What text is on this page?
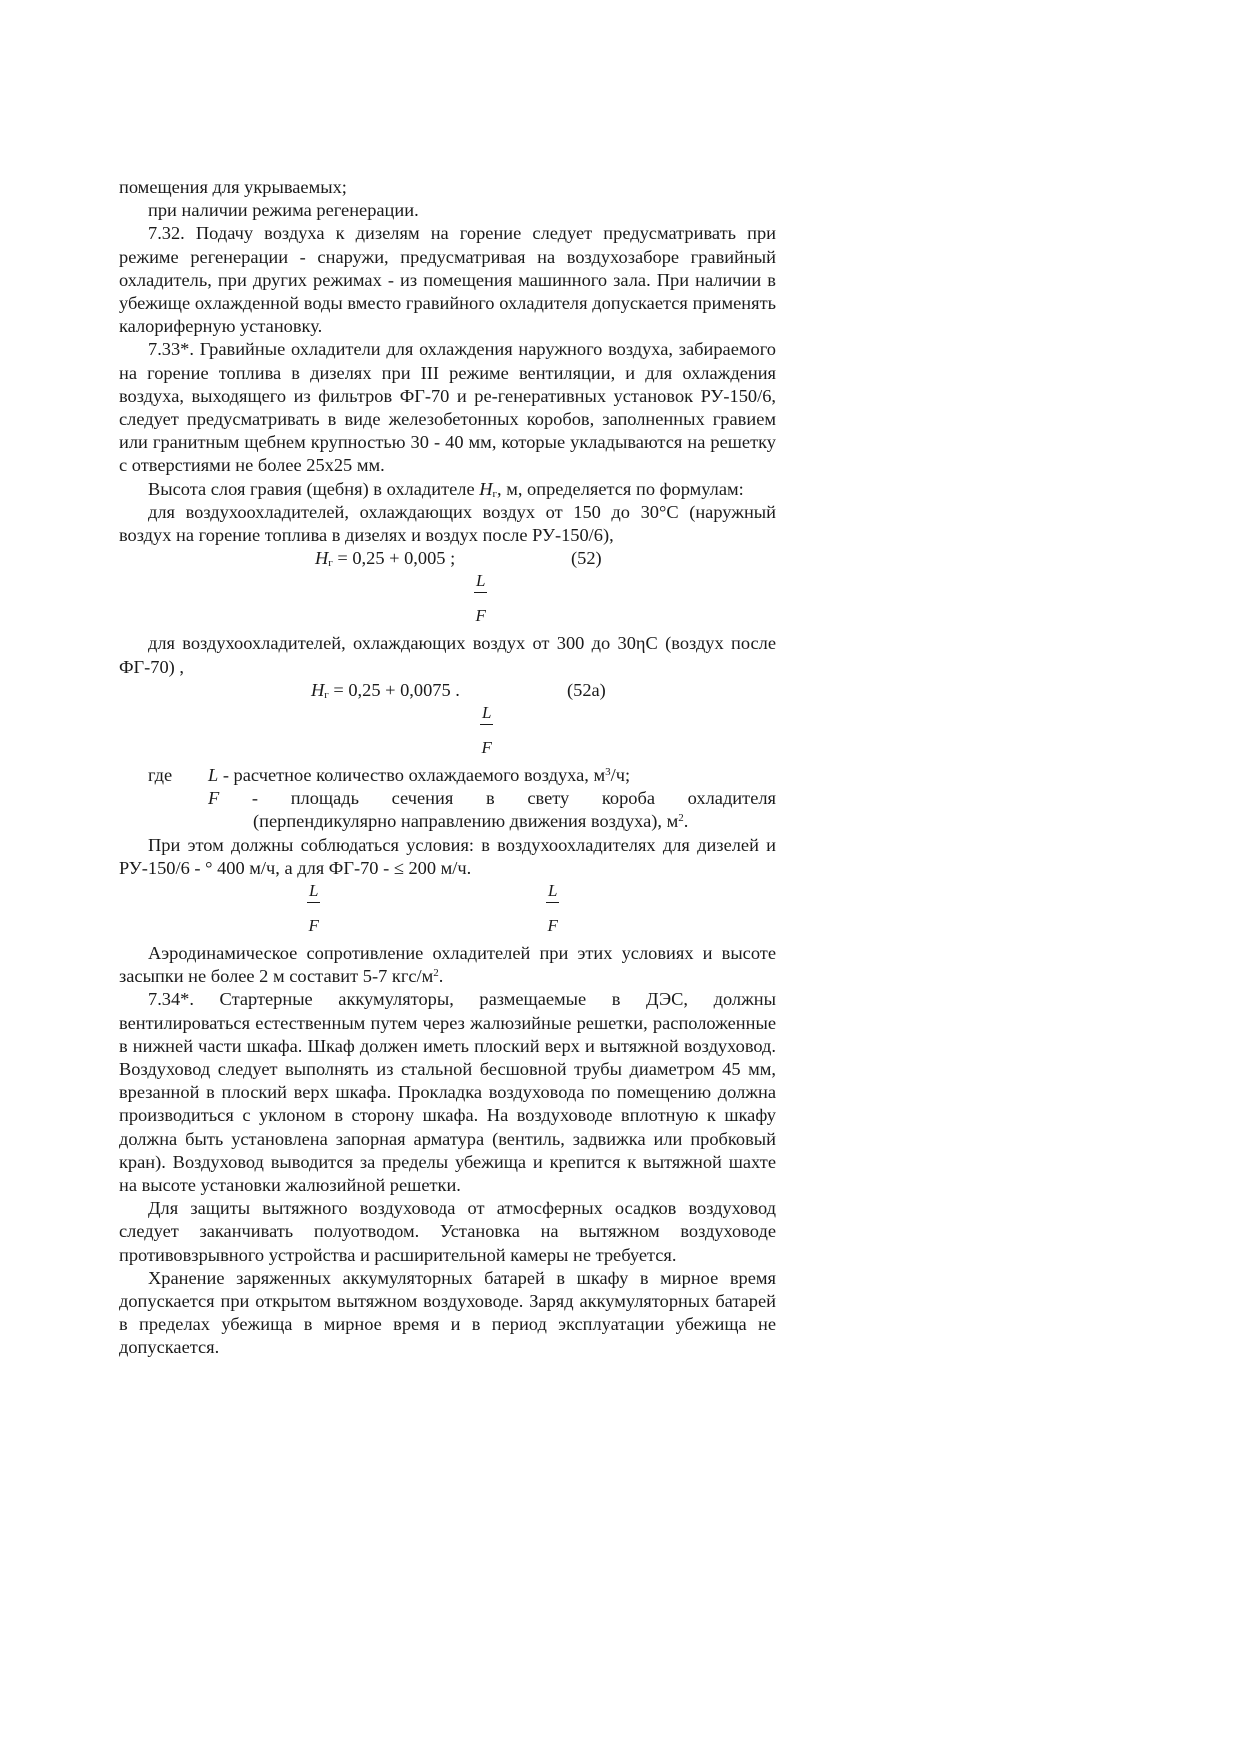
помещения для укрываемых;

при наличии режима регенерации.

7.32. Подачу воздуха к дизелям на горение следует предусматривать при режиме регенерации - снаружи, предусматривая на воздухозаборе гравийный охладитель, при других режимах - из помещения машинного зала. При наличии в убежище охлажденной воды вместо гравийного охладителя допускается применять калориферную установку.

7.33*. Гравийные охладители для охлаждения наружного воздуха, забираемого на горение топлива в дизелях при III режиме вентиляции, и для охлаждения воздуха, выходящего из фильтров ФГ-70 и ре-генеративных установок РУ-150/6, следует предусматривать в виде железобетонных коробов, заполненных гравием или гранитным щебнем крупностью 30 - 40 мм, которые укладываются на решетку с отверстиями не более 25х25 мм.

Высота слоя гравия (щебня) в охладителе $H_г$, м, определяется по формулам:

для воздухоохладителей, охлаждающих воздух от 150 до 30°С (наружный воздух на горение топлива в дизелях и воздух после РУ-150/6),

$H_г = 0,25 + 0,005$ ;	(52)
$\frac{L}{F}$

для воздухоохладителей, охлаждающих воздух от 300 до 30ηС (воздух после ФГ-70) ,

$H_г = 0,25 + 0,0075$ .	(52а)
$\frac{L}{F}$
где L - расчетное количество охлаждаемого воздуха, $м^3/ч$;

F - площадь сечения в свету короба охладителя

(перпендикулярно направлению движения воздуха), $м^2$.

При этом должны соблюдаться условия: в воздухоохладителях для дизелей и РУ-150/6 - ° 400 м/ч, а для ФГ-70 - ≤ 200 м/ч.

$\frac{L}{F}$	$\frac{L}{F}$

Аэродинамическое сопротивление охладителей при этих условиях и высоте засыпки не более 2 м составит 5-7 кгс/$м^2$.

7.34*. Стартерные аккумуляторы, размещаемые в ДЭС, должны вентилироваться естественным путем через жалюзийные решетки, расположенные в нижней части шкафа. Шкаф должен иметь плоский верх и вытяжной воздуховод. Воздуховод следует выполнять из стальной бесшовной трубы диаметром 45 мм, врезанной в плоский верх шкафа. Прокладка воздуховода по помещению должна производиться с уклоном в сторону шкафа. На воздуховоде вплотную к шкафу должна быть установлена запорная арматура (вентиль, задвижка или пробковый кран). Воздуховод выводится за пределы убежища и крепится к вытяжной шахте на высоте установки жалюзийной решетки.

Для защиты вытяжного воздуховода от атмосферных осадков воздуховод следует заканчивать полуотводом. Установка на вытяжном воздуховоде противовзрывного устройства и расширительной камеры не требуется.

Хранение заряженных аккумуляторных батарей в шкафу в мирное время допускается при открытом вытяжном воздуховоде. Заряд аккумуляторных батарей в пределах убежища в мирное время и в период эксплуатации убежища не допускается.
